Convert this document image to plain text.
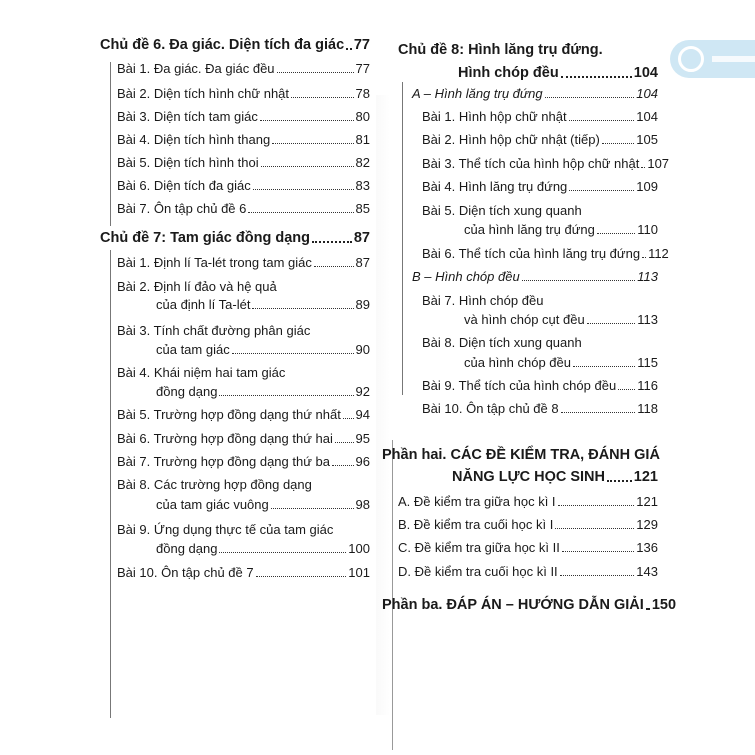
Chủ đề 6. Đa giác. Diện tích đa giác 77
Bài 1. Đa giác. Đa giác đều	77
Bài 2. Diện tích hình chữ nhật	78
Bài 3. Diện tích tam giác	80
Bài 4. Diện tích hình thang	81
Bài 5. Diện tích hình thoi	82
Bài 6. Diện tích đa giác	83
Bài 7. Ôn tập chủ đề 6	85
Chủ đề 7: Tam giác đồng dạng	87
Bài 1. Định lí Ta-lét trong tam giác	87
Bài 2. Định lí đảo và hệ quả
của định lí Ta-lét	89
Bài 3. Tính chất đường phân giác
của tam giác	90
Bài 4. Khái niệm hai tam giác
đồng dạng	92
Bài 5. Trường hợp đồng dạng thứ nhất 94
Bài 6. Trường hợp đồng dạng thứ hai 95
Bài 7. Trường hợp đồng dạng thứ ba 96
Bài 8. Các trường hợp đồng dạng
của tam giác vuông	98
Bài 9. Ứng dụng thực tế của tam giác
đồng dạng	100
Bài 10. Ôn tập chủ đề 7	101
Chủ đề 8: Hình lăng trụ đứng.
Hình chóp đều	104
A – Hình lăng trụ đứng	104
Bài 1. Hình hộp chữ nhật	104
Bài 2. Hình hộp chữ nhật (tiếp)	105
Bài 3. Thể tích của hình hộp chữ nhật 107
Bài 4. Hình lăng trụ đứng	109
Bài 5. Diện tích xung quanh
của hình lăng trụ đứng	110
Bài 6. Thể tích của hình lăng trụ đứng 112
B – Hình chóp đều	113
Bài 7. Hình chóp đều
và hình chóp cụt đều	113
Bài 8. Diện tích xung quanh
của hình chóp đều	115
Bài 9. Thể tích của hình chóp đều 116
Bài 10. Ôn tập chủ đề 8	118
Phần hai. CÁC ĐỀ KIỂM TRA, ĐÁNH GIÁ
NĂNG LỰC HỌC SINH 121
A. Đề kiểm tra giữa học kì I	121
B. Đề kiểm tra cuối học kì I	129
C. Đề kiểm tra giữa học kì II	136
D. Đề kiểm tra cuối học kì II	143
Phần ba. ĐÁP ÁN – HƯỚNG DẪN GIẢI 150
